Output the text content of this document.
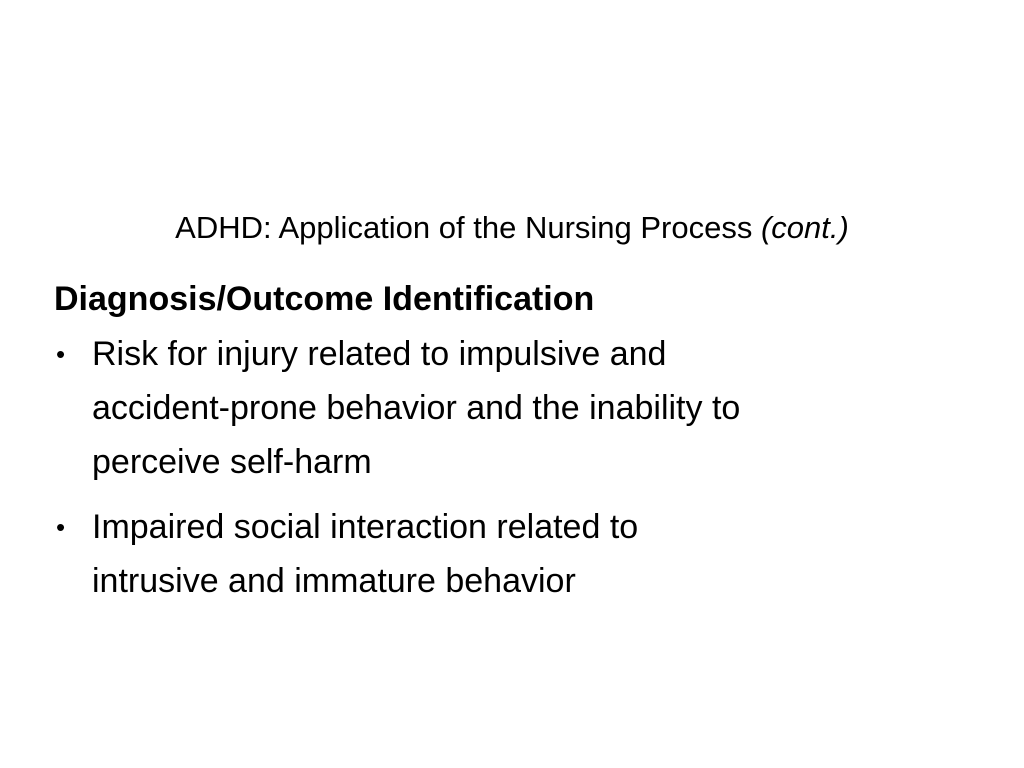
ADHD: Application of the Nursing Process (cont.)

Diagnosis/Outcome Identification

• Risk for injury related to impulsive and
accident-prone behavior and the inability to
perceive self-harm
• Impaired social interaction related to
intrusive and immature behavior
